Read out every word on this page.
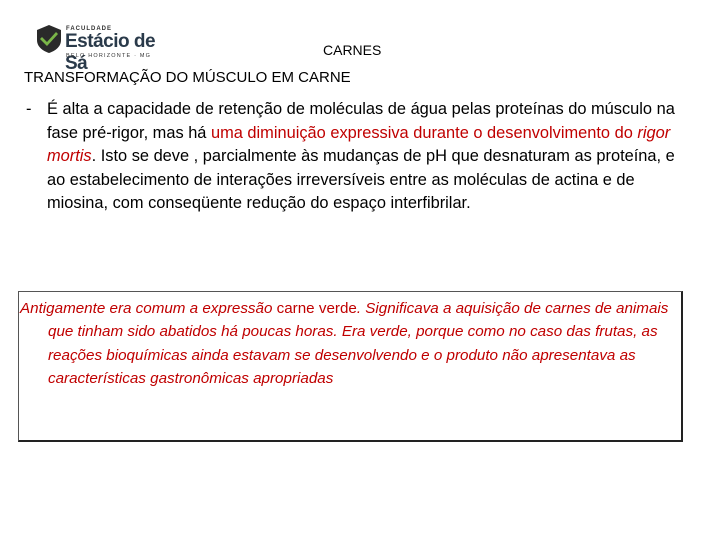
FACULDADE
Estácio de Sá
BELO HORIZONTE · MG	CARNES
TRANSFORMAÇÃO DO MÚSCULO EM CARNE
- É alta a capacidade de retenção de moléculas de água pelas proteínas do músculo na fase pré-rigor, mas há uma diminuição expressiva durante o desenvolvimento do rigor mortis. Isto se deve , parcialmente às mudanças de pH que desnaturam as proteína, e ao estabelecimento de interações irreversíveis entre as moléculas de actina e de miosina, com conseqüente redução do espaço interfibrilar.
Antigamente era comum a expressão carne verde. Significava a aquisição de carnes de animais que tinham sido abatidos há poucas horas. Era verde, porque como no caso das frutas, as reações bioquímicas ainda estavam se desenvolvendo e o produto não apresentava as características gastronômicas apropriadas
